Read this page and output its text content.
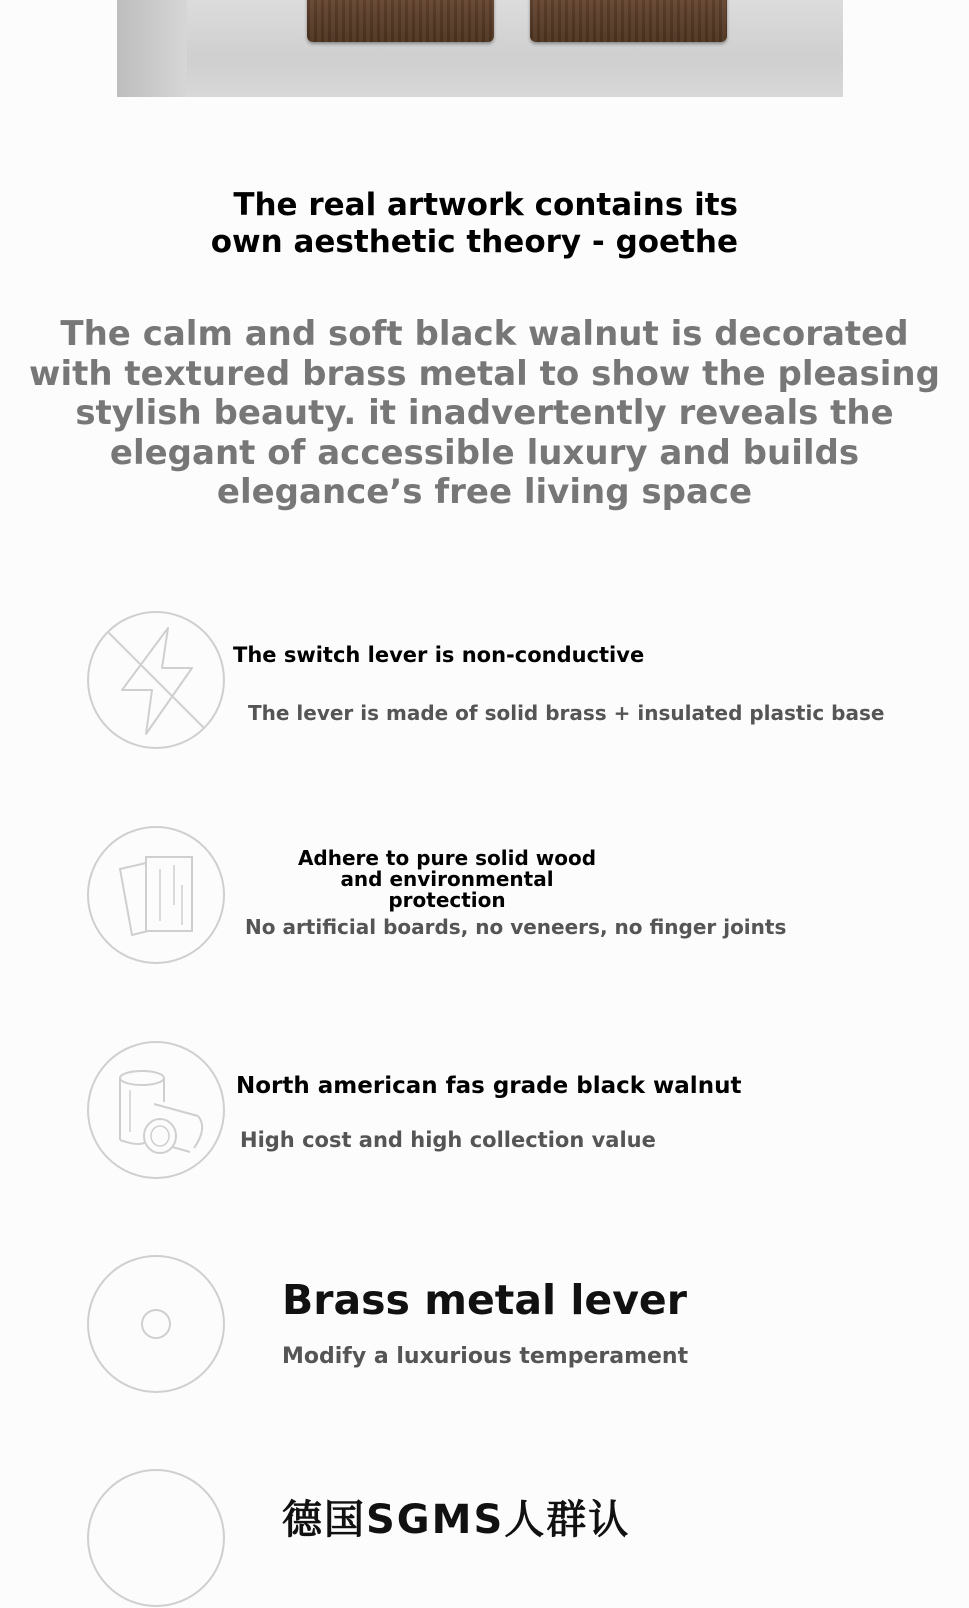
The real artwork contains its
own aesthetic theory - goethe
The calm and soft black walnut is decorated with textured brass metal to show the pleasing stylish beauty. it inadvertently reveals the elegant of accessible luxury and builds elegance’s free living space
The switch lever is non-conductive
The lever is made of solid brass + insulated plastic base
Adhere to pure solid wood and environmental protection
No artificial boards, no veneers, no finger joints
North american fas grade black walnut
High cost and high collection value
Brass metal lever
Modify a luxurious temperament
德国SGMS人群认
